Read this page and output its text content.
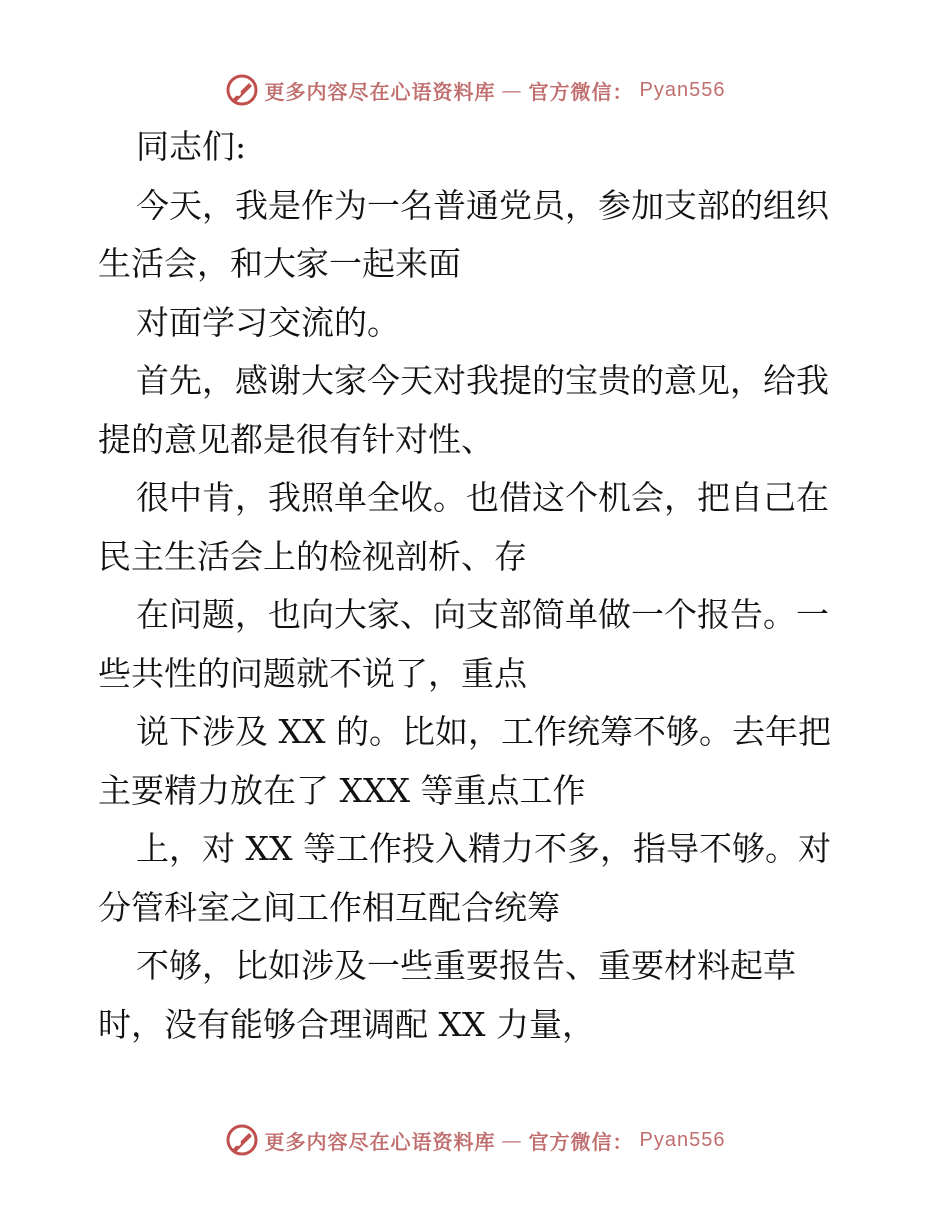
更多内容尽在心语资料库 — 官方微信： Pyan556
同志们:
今天，我是作为一名普通党员，参加支部的组织
生活会，和大家一起来面
对面学习交流的。
首先，感谢大家今天对我提的宝贵的意见，给我
提的意见都是很有针对性、
很中肯，我照单全收。也借这个机会，把自己在
民主生活会上的检视剖析、存
在问题，也向大家、向支部简单做一个报告。一
些共性的问题就不说了，重点
说下涉及 XX 的。比如，工作统筹不够。去年把
主要精力放在了 XXX 等重点工作
上，对 XX 等工作投入精力不多，指导不够。对
分管科室之间工作相互配合统筹
不够，比如涉及一些重要报告、重要材料起草
时，没有能够合理调配 XX 力量，
更多内容尽在心语资料库 — 官方微信： Pyan556
